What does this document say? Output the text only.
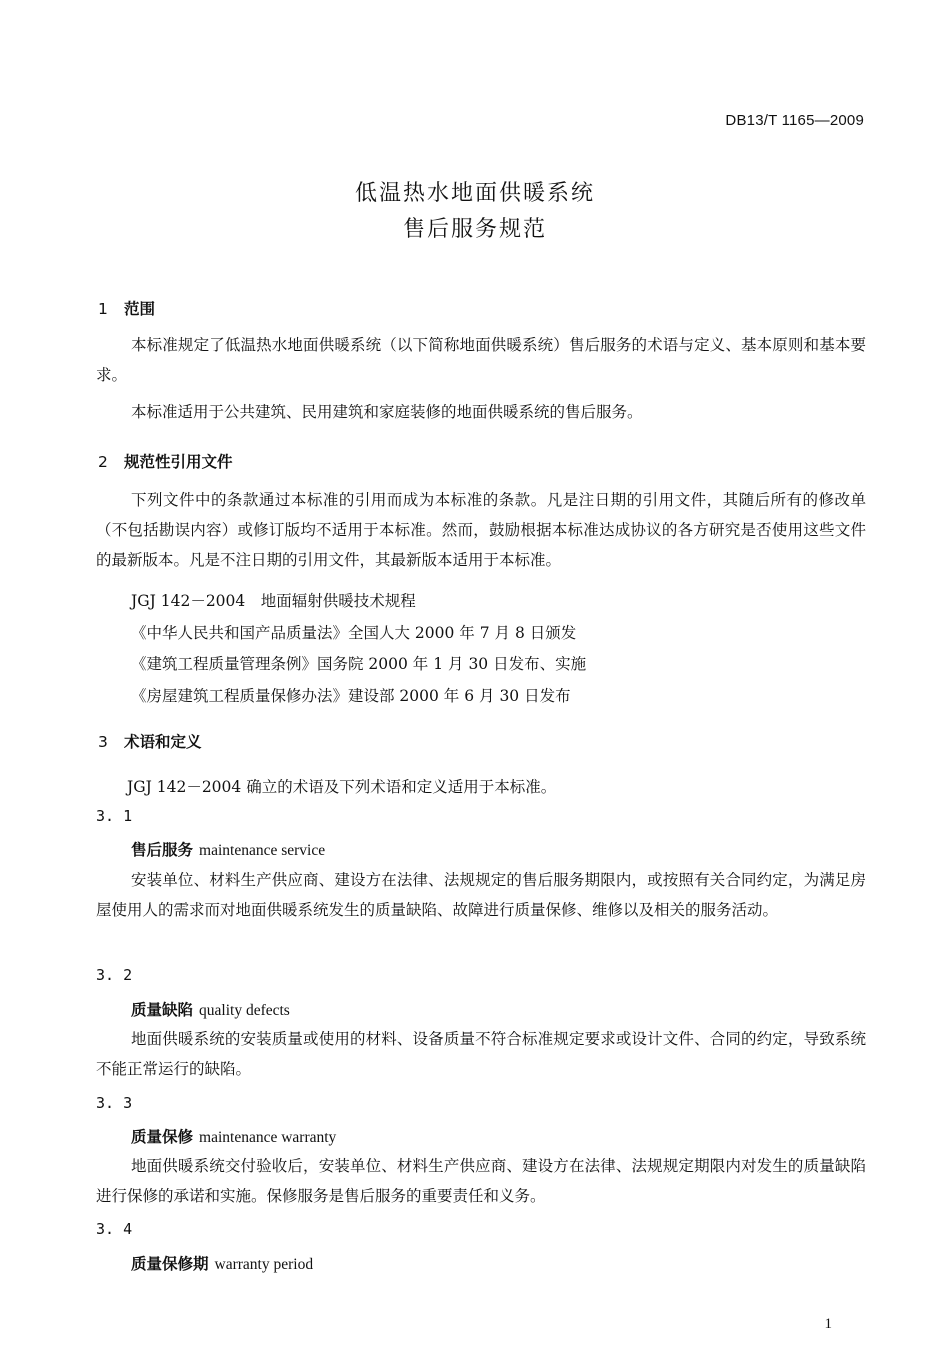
DB13/T 1165—2009
低温热水地面供暖系统
售后服务规范
1 范围
本标准规定了低温热水地面供暖系统（以下简称地面供暖系统）售后服务的术语与定义、基本原则和基本要求。
本标准适用于公共建筑、民用建筑和家庭装修的地面供暖系统的售后服务。
2 规范性引用文件
下列文件中的条款通过本标准的引用而成为本标准的条款。凡是注日期的引用文件，其随后所有的修改单（不包括勘误内容）或修订版均不适用于本标准。然而，鼓励根据本标准达成协议的各方研究是否使用这些文件的最新版本。凡是不注日期的引用文件，其最新版本适用于本标准。
JGJ 142－2004　地面辐射供暖技术规程
《中华人民共和国产品质量法》全国人大 2000 年 7 月 8 日颁发
《建筑工程质量管理条例》国务院 2000 年 1 月 30 日发布、实施
《房屋建筑工程质量保修办法》建设部 2000 年 6 月 30 日发布
3 术语和定义
JGJ 142－2004 确立的术语及下列术语和定义适用于本标准。
3. 1
售后服务 maintenance service
安装单位、材料生产供应商、建设方在法律、法规规定的售后服务期限内，或按照有关合同约定，为满足房屋使用人的需求而对地面供暖系统发生的质量缺陷、故障进行质量保修、维修以及相关的服务活动。
3. 2
质量缺陷 quality defects
地面供暖系统的安装质量或使用的材料、设备质量不符合标准规定要求或设计文件、合同的约定，导致系统不能正常运行的缺陷。
3. 3
质量保修 maintenance warranty
地面供暖系统交付验收后，安装单位、材料生产供应商、建设方在法律、法规规定期限内对发生的质量缺陷进行保修的承诺和实施。保修服务是售后服务的重要责任和义务。
3. 4
质量保修期 warranty period
1
